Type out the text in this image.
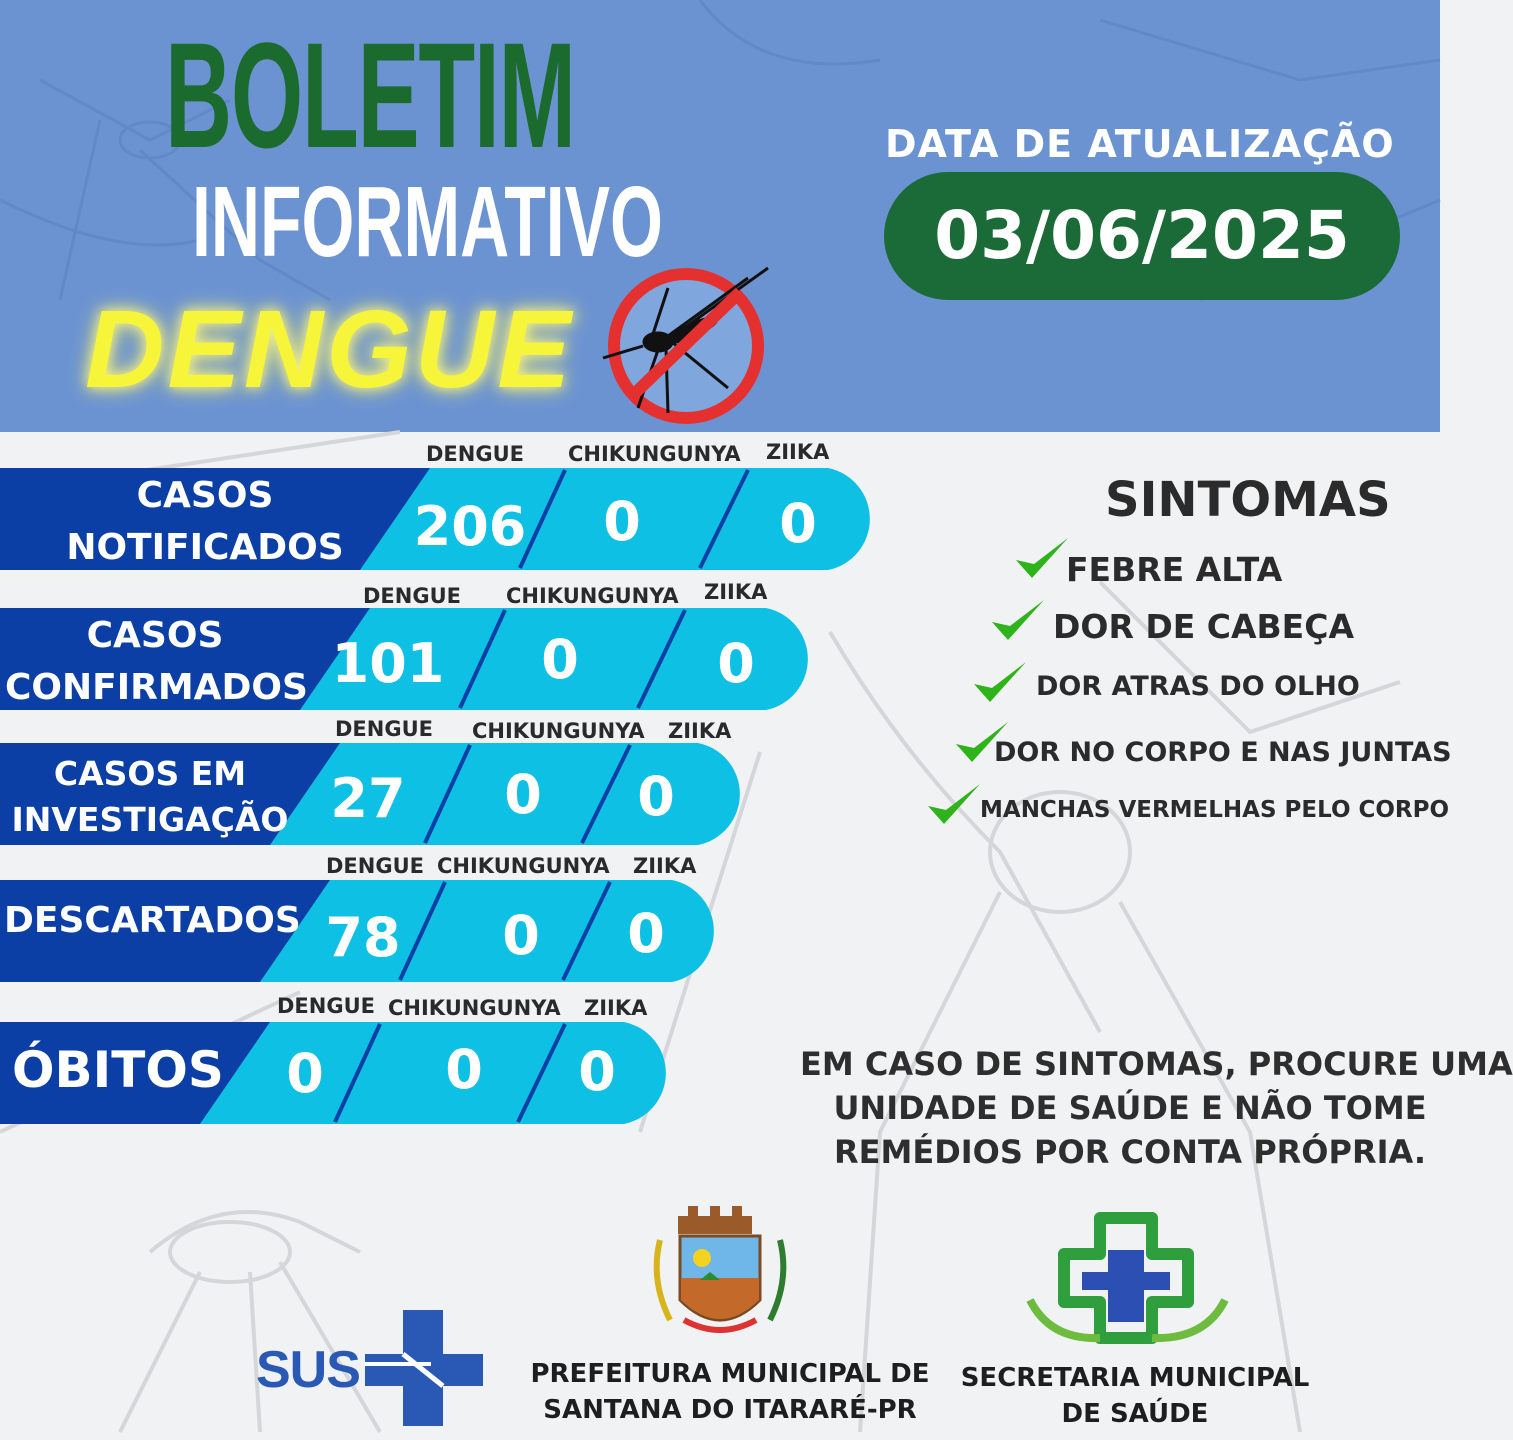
BOLETIM
INFORMATIVO
DENGUE
DATA DE ATUALIZAÇÃO
03/06/2025
DENGUE CHIKUNGUNYA ZIIKA
CASOS
NOTIFICADOS	206	0	0
DENGUE CHIKUNGUNYA ZIIKA
CASOS
CONFIRMADOS 101	0	0
DENGUE CHIKUNGUNYA ZIIKA
CASOS EM
INVESTIGAÇÃO 27	0	0
DENGUE CHIKUNGUNYA ZIIKA
DESCARTADOS 78	0	0
DENGUE CHIKUNGUNYA ZIIKA
ÓBITOS	0	0	0
SINTOMAS
FEBRE ALTA
DOR DE CABEÇA
DOR ATRAS DO OLHO
DOR NO CORPO E NAS JUNTAS
MANCHAS VERMELHAS PELO CORPO
EM CASO DE SINTOMAS, PROCURE UMA
UNIDADE DE SAÚDE E NÃO TOME
REMÉDIOS POR CONTA PRÓPRIA.
SUS	PREFEITURA MUNICIPAL DE
SANTANA DO ITARARÉ-PR
SECRETARIA MUNICIPAL
DE SAÚDE
